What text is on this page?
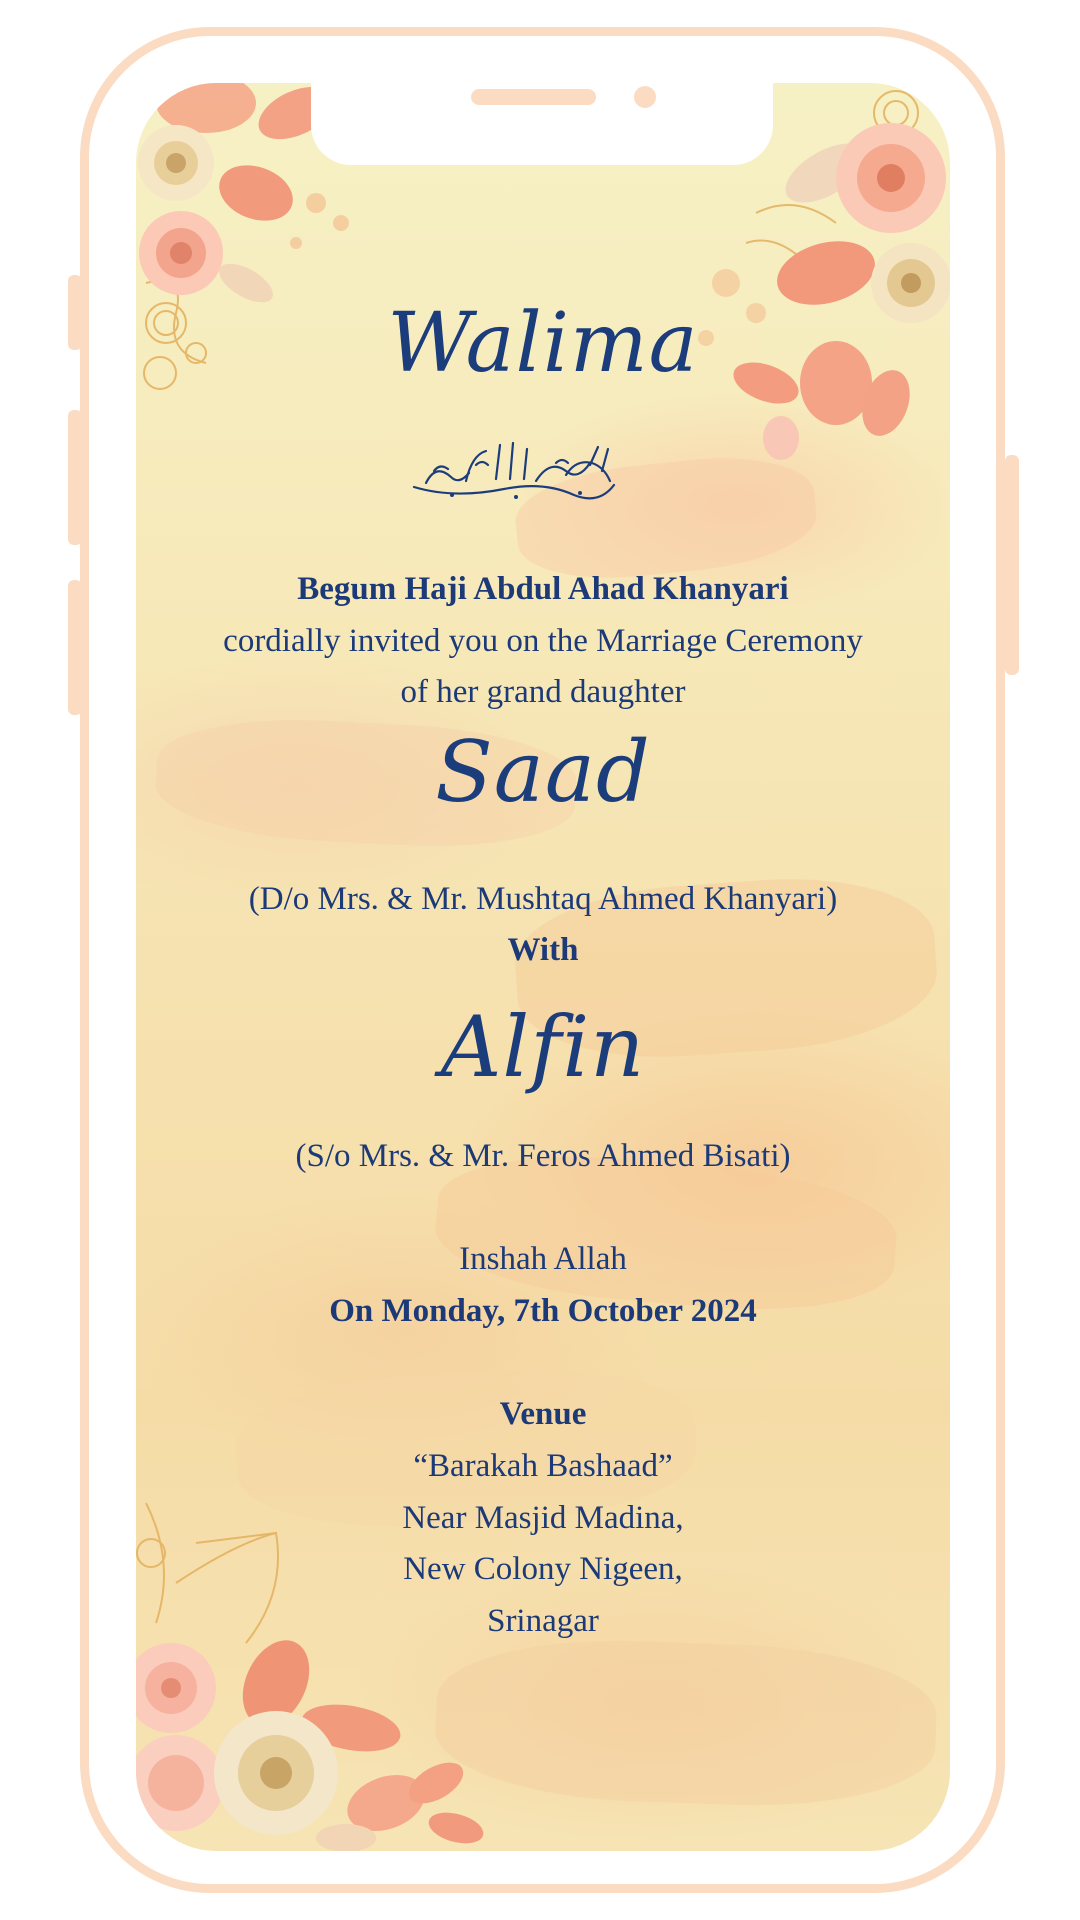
Walima
Begum Haji Abdul Ahad Khanyari
cordially invited you on the Marriage Ceremony
of her grand daughter
Saad
(D/o Mrs. & Mr. Mushtaq Ahmed Khanyari)
With
Alfin
(S/o Mrs. & Mr. Feros Ahmed Bisati)
Inshah Allah
On Monday, 7th October 2024
Venue
“Barakah Bashaad”
Near Masjid Madina,
New Colony Nigeen,
Srinagar
